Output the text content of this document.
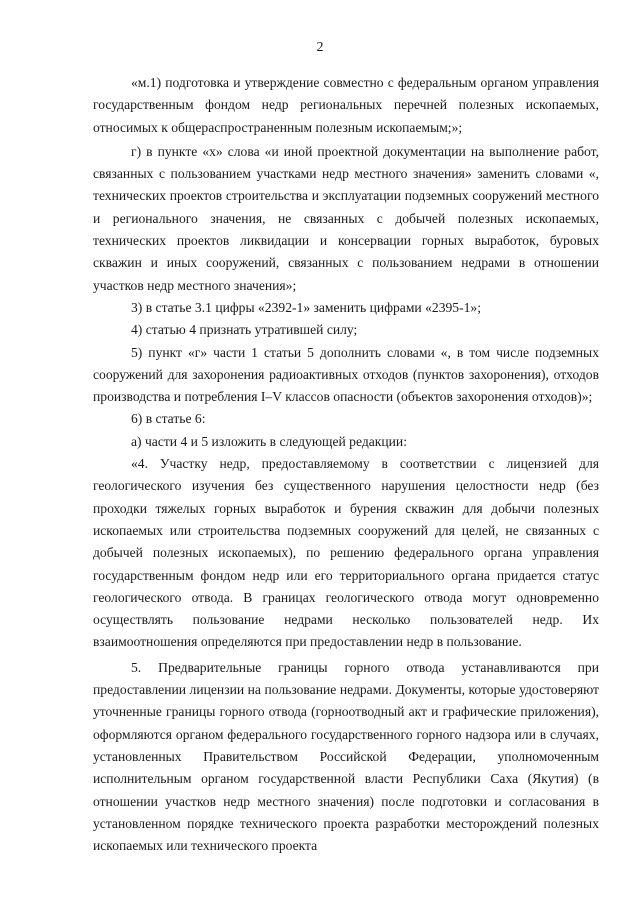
2

«м.1) подготовка и утверждение совместно с федеральным органом управления государственным фондом недр региональных перечней полезных ископаемых, относимых к общераспространенным полезным ископаемым;»;

г) в пункте «х» слова «и иной проектной документации на выполнение работ, связанных с пользованием участками недр местного значения» заменить словами «, технических проектов строительства и эксплуатации подземных сооружений местного и регионального значения, не связанных с добычей полезных ископаемых, технических проектов ликвидации и консервации горных выработок, буровых скважин и иных сооружений, связанных с пользованием недрами в отношении участков недр местного значения»;

3) в статье 3.1 цифры «2392-1» заменить цифрами «2395-1»;

4) статью 4 признать утратившей силу;

5) пункт «г» части 1 статьи 5 дополнить словами «, в том числе подземных сооружений для захоронения радиоактивных отходов (пунктов захоронения), отходов производства и потребления I–V классов опасности (объектов захоронения отходов)»;

6) в статье 6:

а) части 4 и 5 изложить в следующей редакции:

«4. Участку недр, предоставляемому в соответствии с лицензией для геологического изучения без существенного нарушения целостности недр (без проходки тяжелых горных выработок и бурения скважин для добычи полезных ископаемых или строительства подземных сооружений для целей, не связанных с добычей полезных ископаемых), по решению федерального органа управления государственным фондом недр или его территориального органа придается статус геологического отвода. В границах геологического отвода могут одновременно осуществлять пользование недрами несколько пользователей недр. Их взаимоотношения определяются при предоставлении недр в пользование.

5. Предварительные границы горного отвода устанавливаются при предоставлении лицензии на пользование недрами. Документы, которые удостоверяют уточненные границы горного отвода (горноотводный акт и графические приложения), оформляются органом федерального государственного горного надзора или в случаях, установленных Правительством Российской Федерации, уполномоченным исполнительным органом государственной власти Республики Саха (Якутия) (в отношении участков недр местного значения) после подготовки и согласования в установленном порядке технического проекта разработки месторождений полезных ископаемых или технического проекта
